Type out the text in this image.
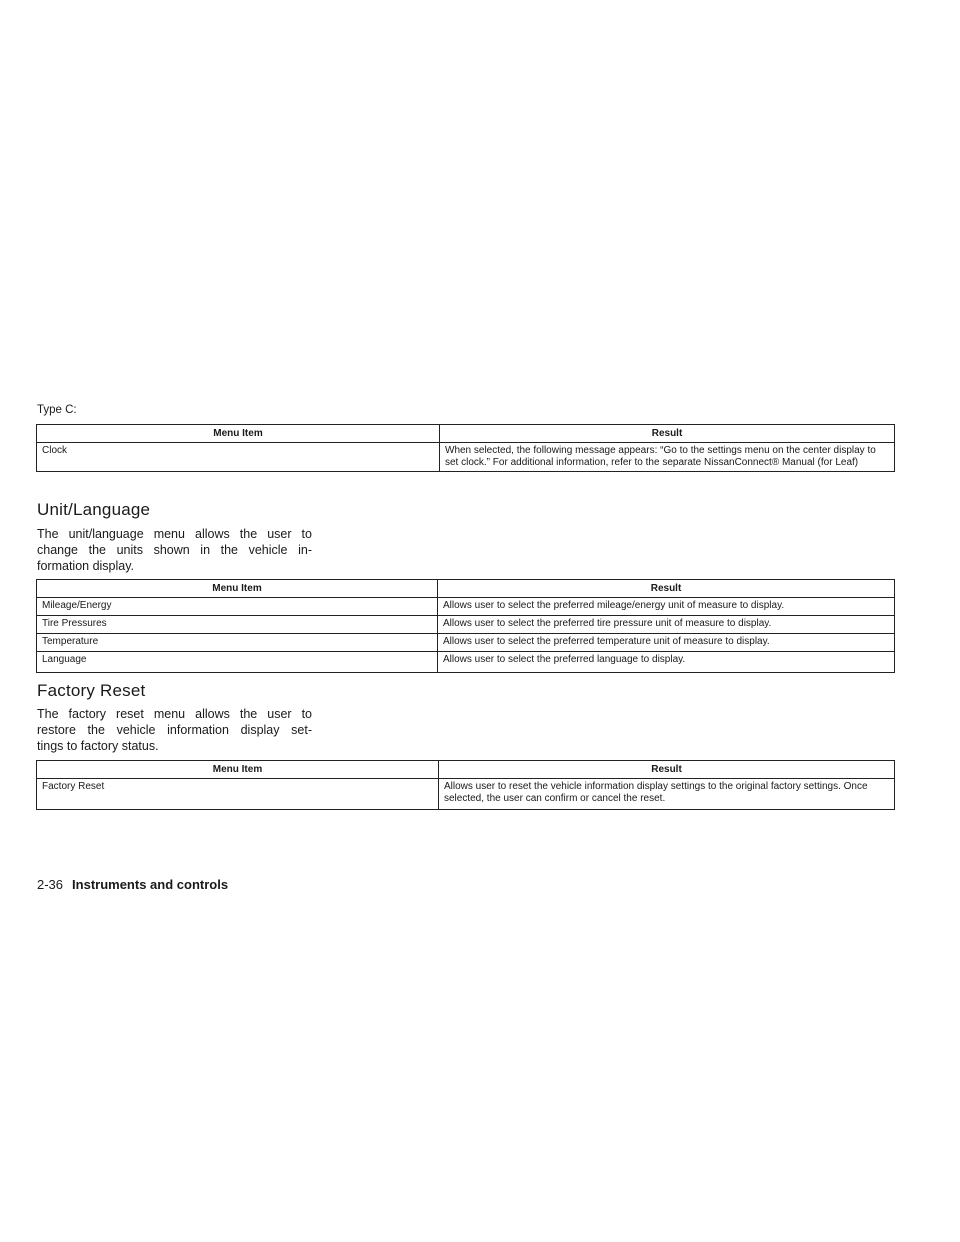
Type C:
Menu Item	Result
Clock	When selected, the following message appears: “Go to the settings menu on the center display to set clock.” For additional information, refer to the separate NissanConnect® Manual (for Leaf)
Unit/Language
The unit/language menu allows the user to
change the units shown in the vehicle in-
formation display.
Menu Item	Result
Mileage/Energy	Allows user to select the preferred mileage/energy unit of measure to display.
Tire Pressures	Allows user to select the preferred tire pressure unit of measure to display.
Temperature	Allows user to select the preferred temperature unit of measure to display.
Language	Allows user to select the preferred language to display.
Factory Reset
The factory reset menu allows the user to
restore the vehicle information display set-
tings to factory status.
Menu Item	Result
Factory Reset	Allows user to reset the vehicle information display settings to the original factory settings. Once selected, the user can confirm or cancel the reset.
2-36 Instruments and controls
